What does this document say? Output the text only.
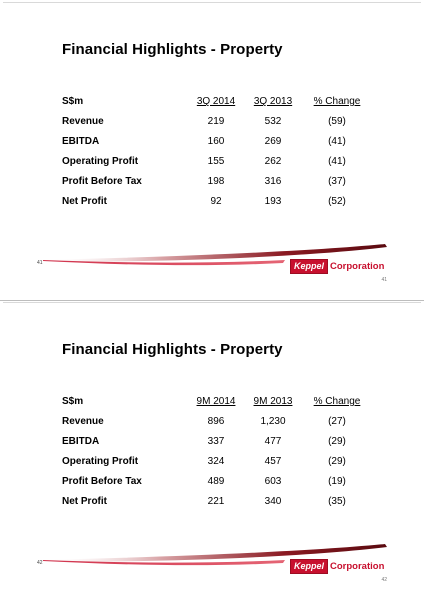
Financial Highlights - Property
S$m	3Q 2014	3Q 2013	% Change
Revenue	219	532	(59)
EBITDA	160	269	(41)
Operating Profit	155	262	(41)
Profit Before Tax	198	316	(37)
Net Profit	92	193	(52)
41	Keppel Corporation
41
Financial Highlights - Property
S$m	9M 2014	9M 2013	% Change
Revenue	896	1,230	(27)
EBITDA	337	477	(29)
Operating Profit	324	457	(29)
Profit Before Tax	489	603	(19)
Net Profit	221	340	(35)
42	Keppel Corporation
42
